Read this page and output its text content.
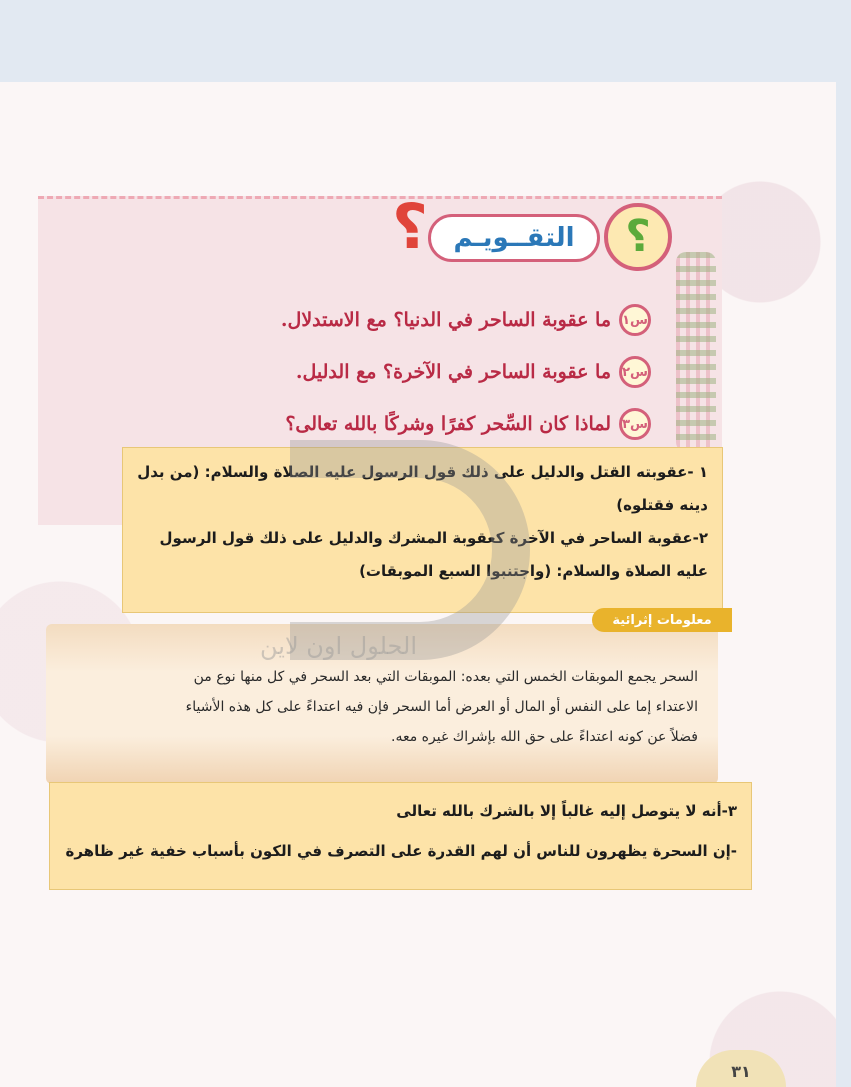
؟ التقــويـم ؟
س١
ما عقوبة الساحر في الدنيا؟ مع الاستدلال.
س٢
ما عقوبة الساحر في الآخرة؟ مع الدليل.
س٣
لماذا كان السِّحر كفرًا وشركًا بالله تعالى؟
١ -عقوبته القتل والدليل على ذلك قول الرسول عليه الصلاة والسلام: (من بدل
دينه فقتلوه)
٢-عقوبة الساحر في الآخرة كعقوبة المشرك والدليل على ذلك قول الرسول
عليه الصلاة والسلام: (واجتنبوا السبع الموبقات)
السحر يجمع الموبقات الخمس التي بعده: الموبقات التي بعد السحر في كل منها نوع من
الاعتداء إما على النفس أو المال أو العرض أما السحر فإن فيه اعتداءً على كل هذه الأشياء
فضلاً عن كونه اعتداءً على حق الله بإشراك غيره معه.
معلومات إثرائية
الحلول اون لاين
٣-أنه لا يتوصل إليه غالباً إلا بالشرك بالله تعالى
-إن السحرة يظهرون للناس أن لهم القدرة على التصرف في الكون بأسباب خفية غير ظاهرة
٣١
